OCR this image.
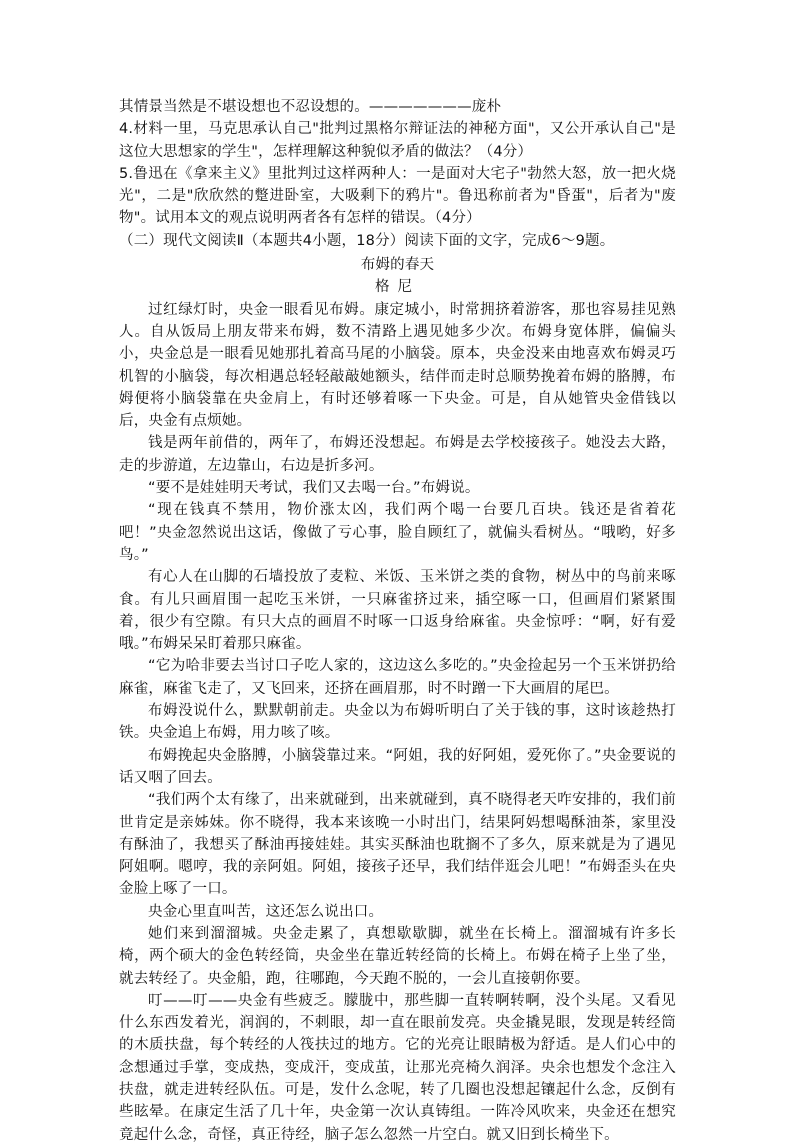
其情景当然是不堪设想也不忍设想的。———————庞朴

4.材料一里，马克思承认自己"批判过黑格尔辩证法的神秘方面"，又公开承认自己"是这位大思想家的学生"，怎样理解这种貌似矛盾的做法？（4分）

5.鲁迅在《拿来主义》里批判过这样两种人：一是面对大宅子"勃然大怒，放一把火烧光"，二是"欣欣然的蹩进卧室，大吸剩下的鸦片"。鲁迅称前者为"昏蛋"，后者为"废物"。试用本文的观点说明两者各有怎样的错误。（4分）

（二）现代文阅读Ⅱ（本题共4小题，18分）阅读下面的文字，完成6～9题。

布姆的春天

格尼

过红绿灯时，央金一眼看见布姆。康定城小，时常拥挤着游客，那也容易挂见熟人。自从饭局上朋友带来布姆，数不清路上遇见她多少次。布姆身宽体胖，偏偏头小，央金总是一眼看见她那扎着高马尾的小脑袋。原本，央金没来由地喜欢布姆灵巧机智的小脑袋，每次相遇总轻轻敲敲她额头，结伴而走时总顺势挽着布姆的胳膊，布姆便将小脑袋靠在央金肩上，有时还够着啄一下央金。可是，自从她管央金借钱以后，央金有点烦她。

钱是两年前借的，两年了，布姆还没想起。布姆是去学校接孩子。她没去大路，走的步游道，左边靠山，右边是折多河。

“要不是娃娃明天考试，我们又去喝一台。”布姆说。

“现在钱真不禁用，物价涨太凶，我们两个喝一台要几百块。钱还是省着花吧！”央金忽然说出这话，像做了亏心事，脸自顾红了，就偏头看树丛。“哦哟，好多鸟。”

有心人在山脚的石墙投放了麦粒、米饭、玉米饼之类的食物，树丛中的鸟前来啄食。有儿只画眉围一起吃玉米饼，一只麻雀挤过来，插空啄一口，但画眉们紧紧围着，很少有空隙。有只大点的画眉不时啄一口返身给麻雀。央金惊呼：“啊，好有爱哦。”布姆呆呆盯着那只麻雀。

“它为哈非要去当讨口子吃人家的，这边这么多吃的。”央金捡起另一个玉米饼扔给麻雀，麻雀飞走了，又飞回来，还挤在画眉那，时不时蹭一下大画眉的尾巴。

布姆没说什么，默默朝前走。央金以为布姆听明白了关于钱的事，这时该趁热打铁。央金追上布姆，用力咳了咳。

布姆挽起央金胳膊，小脑袋靠过来。“阿姐，我的好阿姐，爱死你了。”央金要说的话又咽了回去。

“我们两个太有缘了，出来就碰到，出来就碰到，真不晓得老天咋安排的，我们前世肯定是亲姊妹。你不晓得，我本来该晚一小时出门，结果阿妈想喝酥油茶，家里没有酥油了，我想买了酥油再接娃娃。其实买酥油也耽搁不了多久，原来就是为了遇见阿姐啊。嗯哼，我的亲阿姐。阿姐，接孩子还早，我们结伴逛会儿吧！”布姆歪头在央金脸上啄了一口。

央金心里直叫苦，这还怎么说出口。

她们来到溜溜城。央金走累了，真想歇歇脚，就坐在长椅上。溜溜城有许多长椅，两个硕大的金色转经筒，央金坐在靠近转经筒的长椅上。布姆在椅子上坐了坐，就去转经了。央金船，跑，往哪跑，今天跑不脱的，一会儿直接朝你要。

叮——叮——央金有些疲乏。朦胧中，那些脚一直转啊转啊，没个头尾。又看见什么东西发着光，润润的，不刺眼，却一直在眼前发亮。央金撬晃眼，发现是转经筒的木质扶盘，每个转经的人筏扶过的地方。它的光亮让眼睛极为舒适。是人们心中的念想通过手掌，变成热，变成汗，变成茧，让那光亮椅久润泽。央余也想发个念注入扶盘，就走进转经队伍。可是，发什么念呢，转了几圈也没想起镶起什么念，反倒有些眩晕。在康定生活了几十年，央金第一次认真铸组。一阵冷风吹来，央金还在想究竟起什么念，奇怪，真正待经，脑子怎么忽然一片空白。就又旧到长椅坐下。
